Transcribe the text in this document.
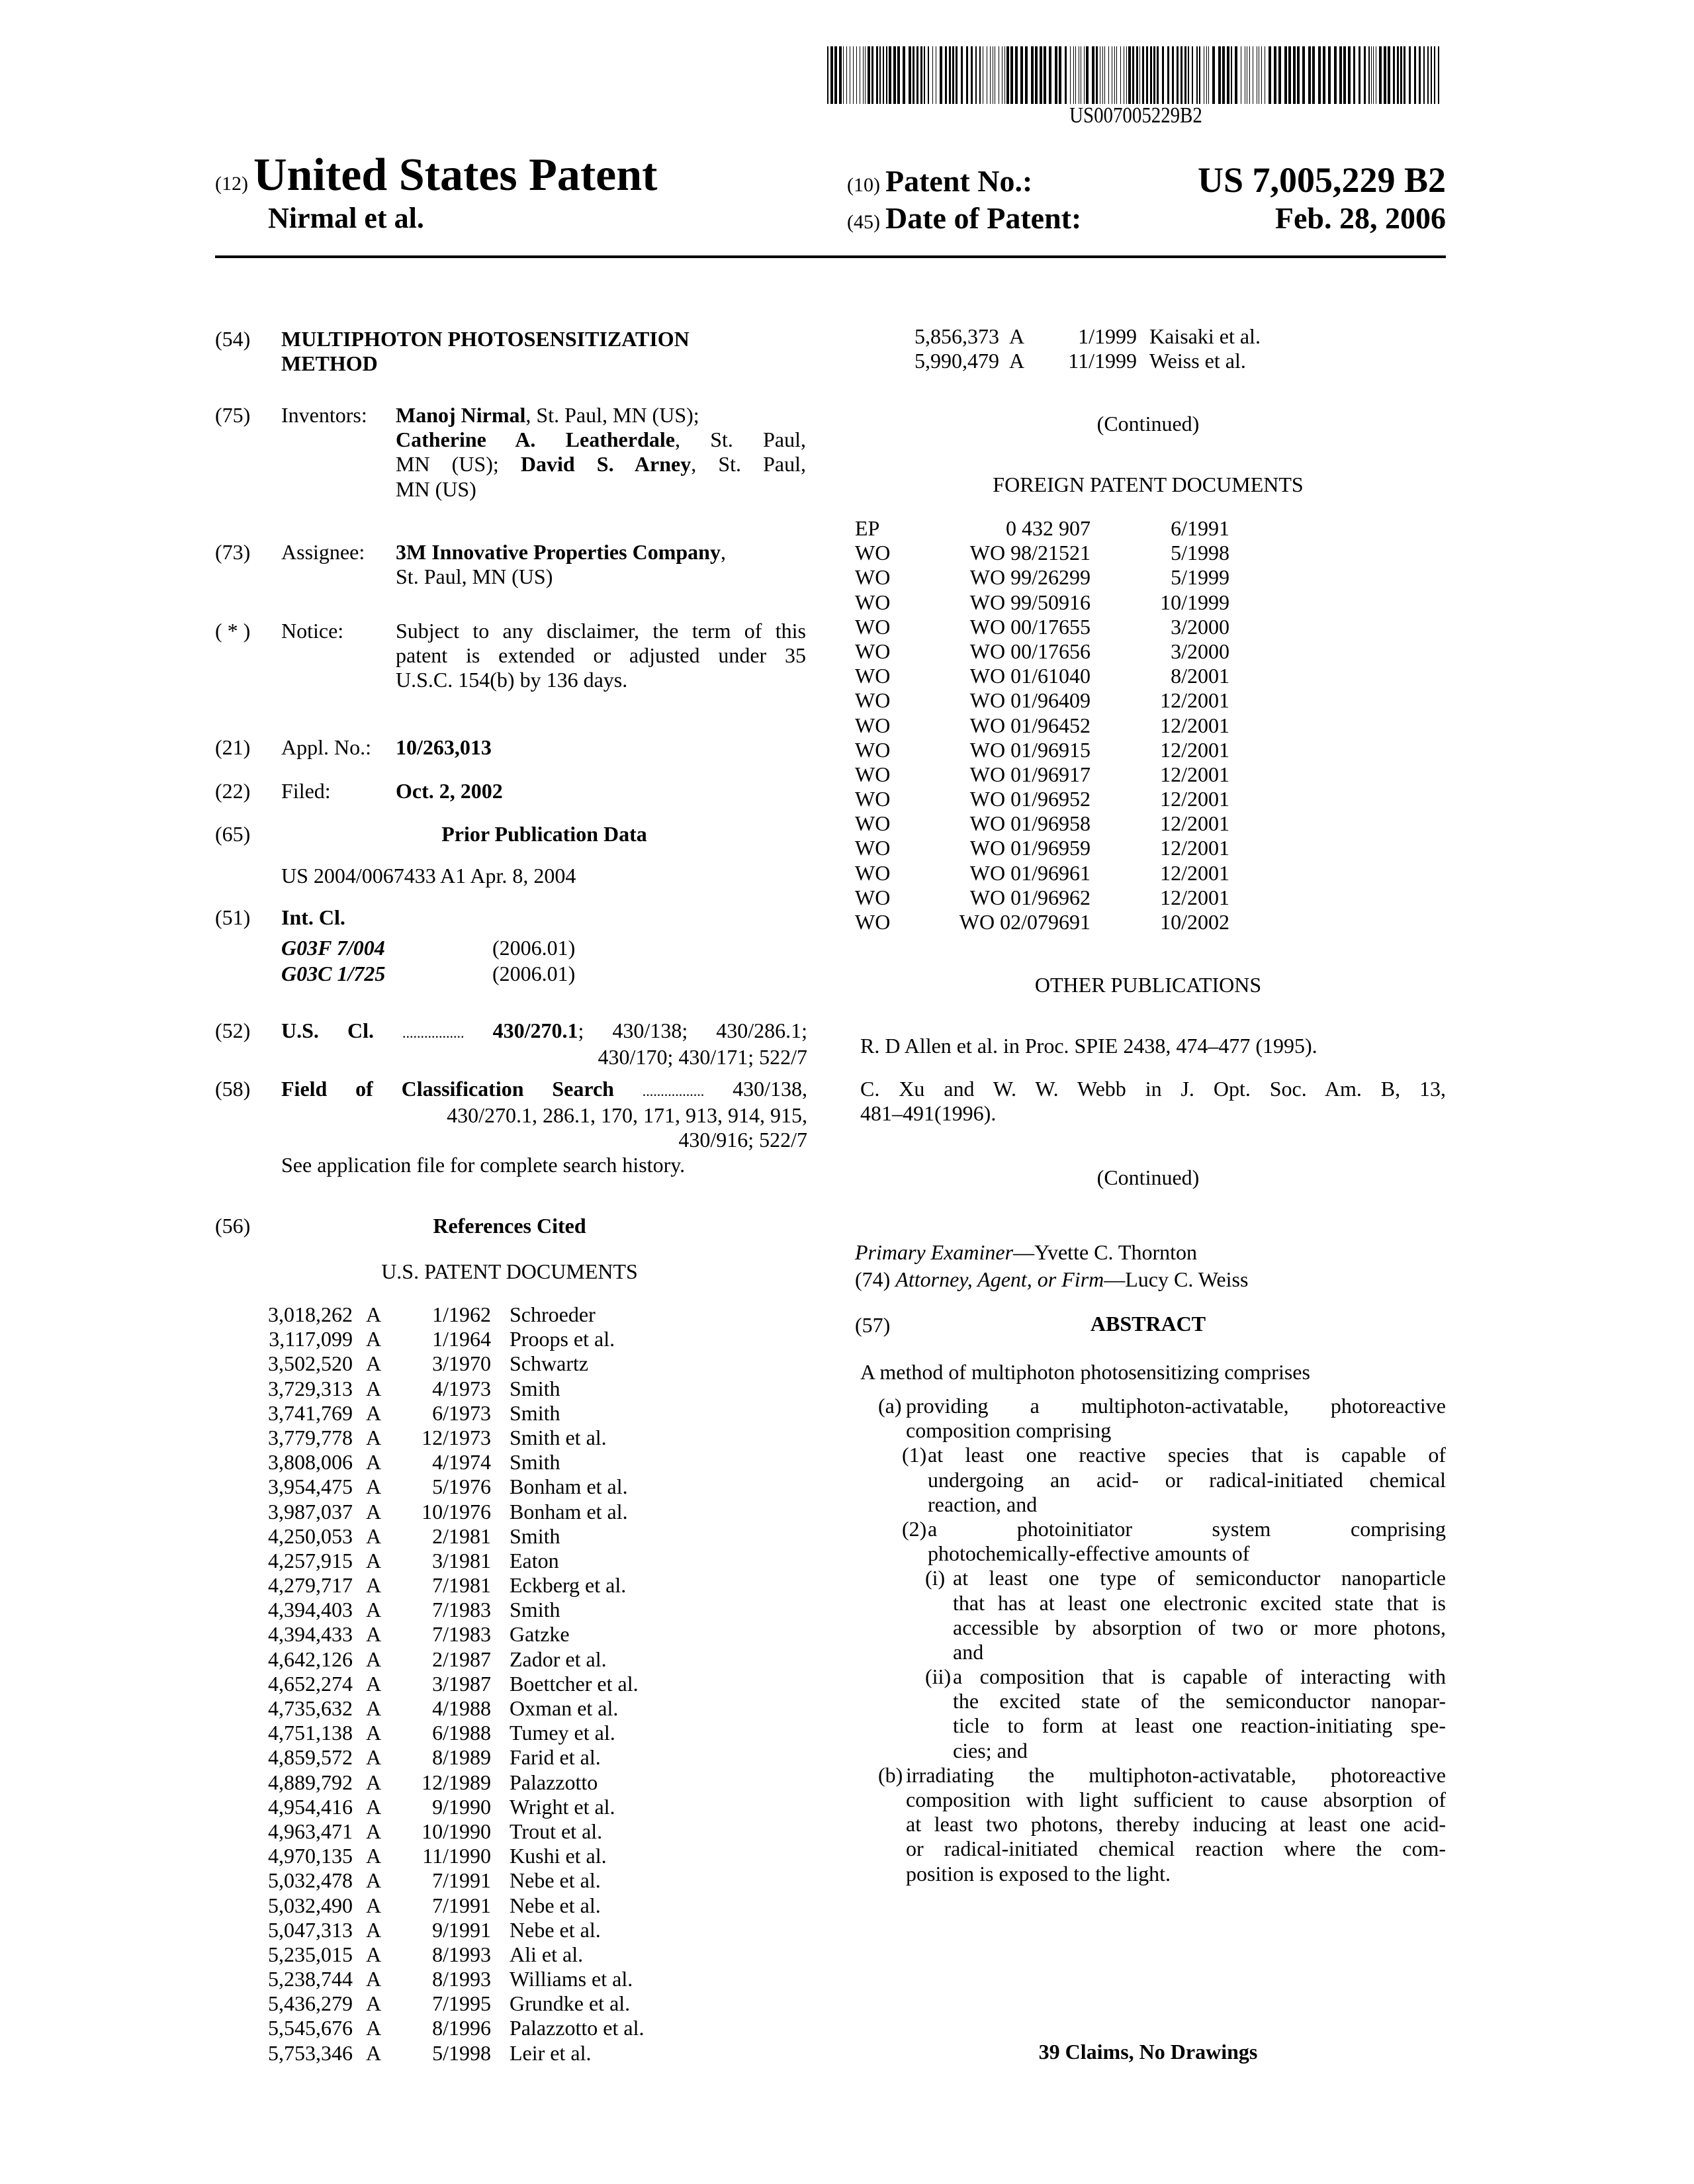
US007005229B2
(12) United States Patent
Nirmal et al.
(10) Patent No.:	US 7,005,229 B2
(45) Date of Patent:	Feb. 28, 2006
(54) MULTIPHOTON PHOTOSENSITIZATION
METHOD
(75) Inventors: Manoj Nirmal, St. Paul, MN (US);
Catherine A. Leatherdale, St. Paul,
MN (US); David S. Arney, St. Paul,
MN (US)
(73) Assignee: 3M Innovative Properties Company,
St. Paul, MN (US)
( * ) Notice: Subject to any disclaimer, the term of this
patent is extended or adjusted under 35
U.S.C. 154(b) by 136 days.
(21) Appl. No.: 10/263,013
(22) Filed:	Oct. 2, 2002
(65)	Prior Publication Data
US 2004/0067433 A1 Apr. 8, 2004
(51) Int. Cl.
G03F 7/004	(2006.01)
G03C 1/725	(2006.01)
(52) U.S. Cl. ................. 430/270.1; 430/138; 430/286.1;
430/170; 430/171; 522/7
(58) Field of Classification Search ................. 430/138,
430/270.1, 286.1, 170, 171, 913, 914, 915,
430/916; 522/7
See application file for complete search history.
(56)	References Cited
U.S. PATENT DOCUMENTS
3,018,262 A 1/1962 Schroeder
3,117,099 A 1/1964 Proops et al.
3,502,520 A 3/1970 Schwartz
3,729,313 A 4/1973 Smith
3,741,769 A 6/1973 Smith
3,779,778 A 12/1973 Smith et al.
3,808,006 A 4/1974 Smith
3,954,475 A 5/1976 Bonham et al.
3,987,037 A 10/1976 Bonham et al.
4,250,053 A 2/1981 Smith
4,257,915 A 3/1981 Eaton
4,279,717 A 7/1981 Eckberg et al.
4,394,403 A 7/1983 Smith
4,394,433 A 7/1983 Gatzke
4,642,126 A 2/1987 Zador et al.
4,652,274 A 3/1987 Boettcher et al.
4,735,632 A 4/1988 Oxman et al.
4,751,138 A 6/1988 Tumey et al.
4,859,572 A 8/1989 Farid et al.
4,889,792 A 12/1989 Palazzotto
4,954,416 A 9/1990 Wright et al.
4,963,471 A 10/1990 Trout et al.
4,970,135 A 11/1990 Kushi et al.
5,032,478 A 7/1991 Nebe et al.
5,032,490 A 7/1991 Nebe et al.
5,047,313 A 9/1991 Nebe et al.
5,235,015 A 8/1993 Ali et al.
5,238,744 A 8/1993 Williams et al.
5,436,279 A 7/1995 Grundke et al.
5,545,676 A 8/1996 Palazzotto et al.
5,753,346 A 5/1998 Leir et al.
5,856,373 A	1/1999 Kaisaki et al.
5,990,479 A 11/1999 Weiss et al.
(Continued)
FOREIGN PATENT DOCUMENTS
EP	0 432 907	6/1991
WO	WO 98/21521	5/1998
WO	WO 99/26299	5/1999
WO	WO 99/50916	10/1999
WO	WO 00/17655	3/2000
WO	WO 00/17656	3/2000
WO	WO 01/61040	8/2001
WO	WO 01/96409	12/2001
WO	WO 01/96452	12/2001
WO	WO 01/96915	12/2001
WO	WO 01/96917	12/2001
WO	WO 01/96952	12/2001
WO	WO 01/96958	12/2001
WO	WO 01/96959	12/2001
WO	WO 01/96961	12/2001
WO	WO 01/96962	12/2001
WO	WO 02/079691	10/2002
OTHER PUBLICATIONS
R. D Allen et al. in Proc. SPIE 2438, 474–477 (1995).
C. Xu and W. W. Webb in J. Opt. Soc. Am. B, 13,
481–491(1996).
(Continued)
Primary Examiner—Yvette C. Thornton
(74) Attorney, Agent, or Firm—Lucy C. Weiss
(57)	ABSTRACT
A method of multiphoton photosensitizing comprises
(a) providing a multiphoton-activatable, photoreactive
composition comprising
(1) at least one reactive species that is capable of
undergoing an acid- or radical-initiated chemical
reaction, and
(2) a photoinitiator system comprising
photochemically-effective amounts of
(i) at least one type of semiconductor nanoparticle
that has at least one electronic excited state that is
accessible by absorption of two or more photons,
and
(ii) a composition that is capable of interacting with
the excited state of the semiconductor nanopar-
ticle to form at least one reaction-initiating spe-
cies; and
(b) irradiating the multiphoton-activatable, photoreactive
composition with light sufficient to cause absorption of
at least two photons, thereby inducing at least one acid-
or radical-initiated chemical reaction where the com-
position is exposed to the light.
39 Claims, No Drawings
